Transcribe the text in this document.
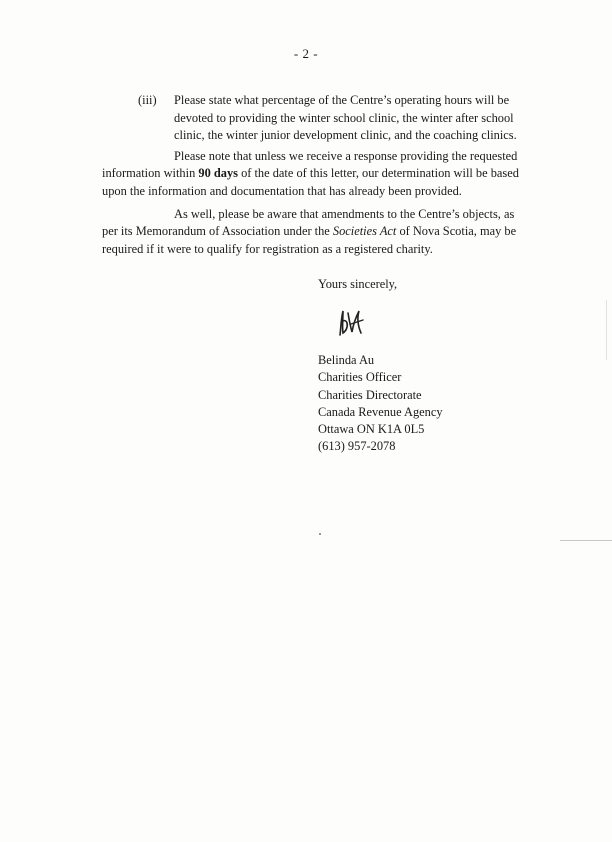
- 2 -
(iii) Please state what percentage of the Centre’s operating hours will be devoted to providing the winter school clinic, the winter after school clinic, the winter junior development clinic, and the coaching clinics.
Please note that unless we receive a response providing the requested information within 90 days of the date of this letter, our determination will be based upon the information and documentation that has already been provided.
As well, please be aware that amendments to the Centre’s objects, as per its Memorandum of Association under the Societies Act of Nova Scotia, may be required if it were to qualify for registration as a registered charity.
Yours sincerely,
Belinda Au
Charities Officer
Charities Directorate
Canada Revenue Agency
Ottawa ON K1A 0L5
(613) 957-2078
